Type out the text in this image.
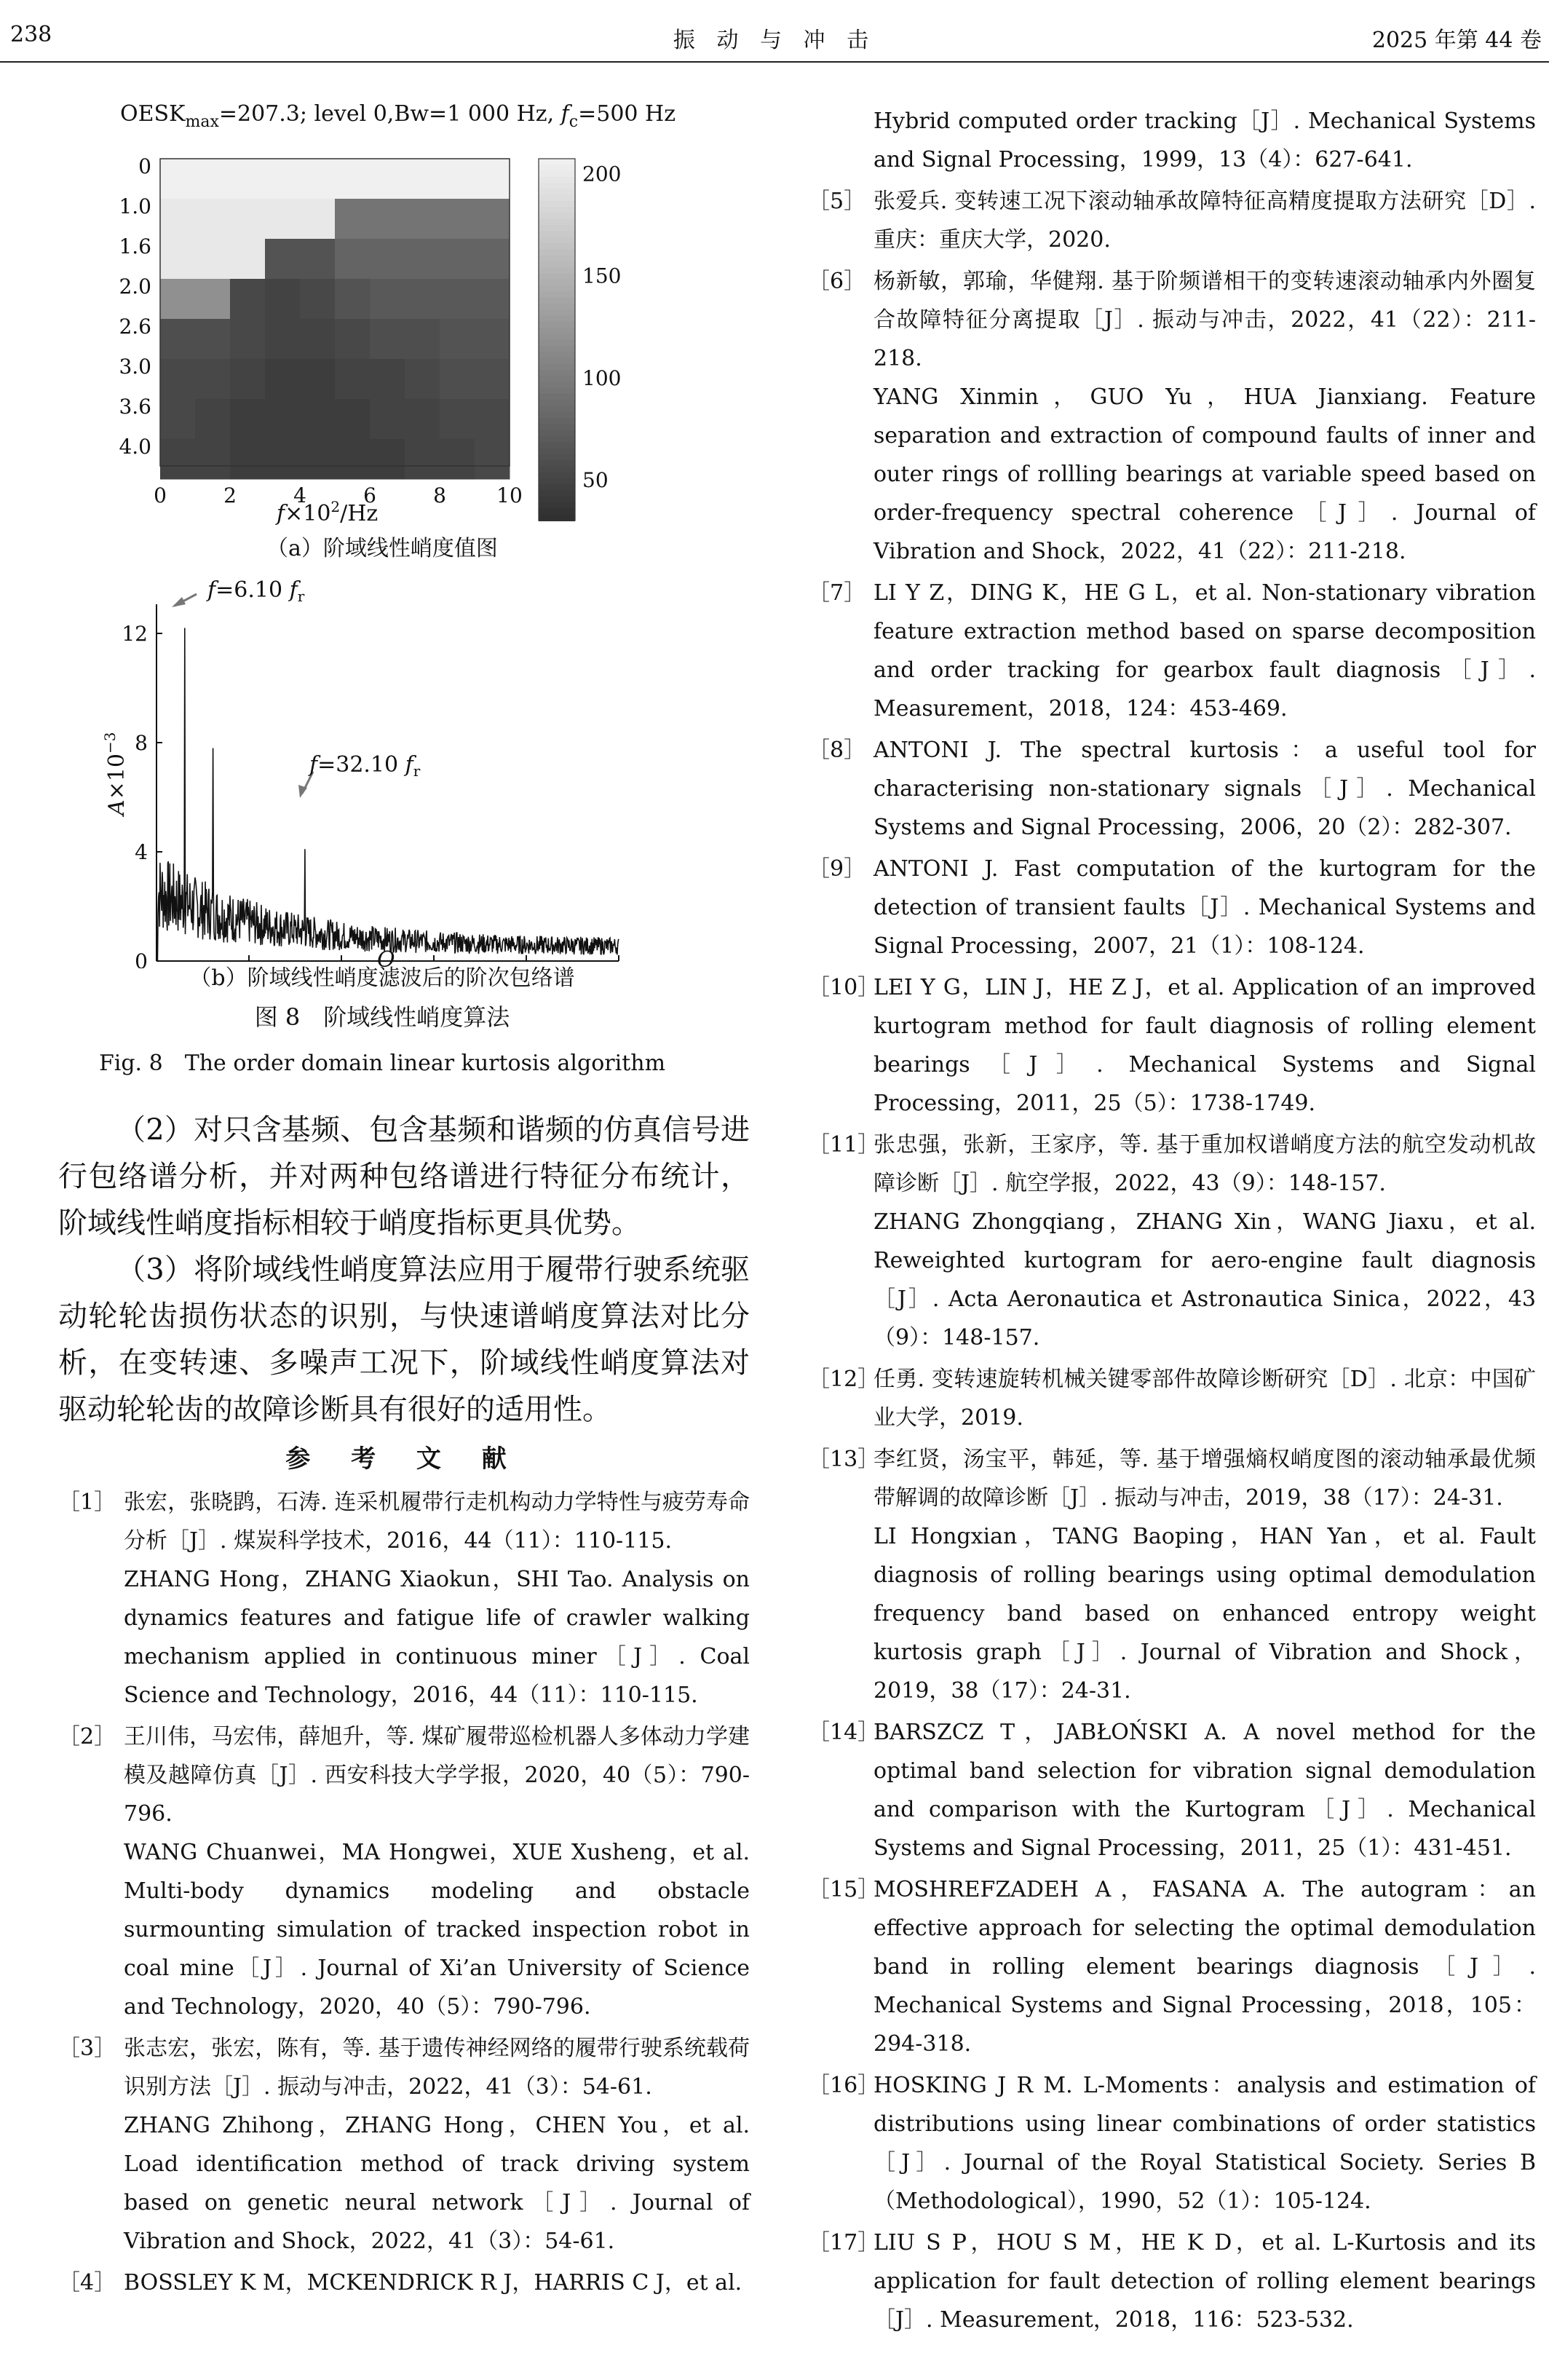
238	振 动 与 冲 击	2025 年第 44 卷
$OESK_{max}=207.3$; level 0,Bw=1 000 Hz, $f_c=500$ Hz
0
1.0
1.6
2.0
2.6
3.0
3.6
4.0
0	2	4	6	8 10
200
150
100
50
$f\times 10^2/Hz$
（a）阶域线性峭度值图
0
4
8
12
$A\times 10^{-3}$
O
f=6.10 $f_r$
f=32.10 $f_r$
（b）阶域线性峭度滤波后的阶次包络谱
图 8　阶域线性峭度算法
Fig. 8　The order domain linear kurtosis algorithm

（2）对只含基频、包含基频和谐频的仿真信号进行包络谱分析，并对两种包络谱进行特征分布统计，阶域线性峭度指标相较于峭度指标更具优势。

（3）将阶域线性峭度算法应用于履带行驶系统驱动轮轮齿损伤状态的识别，与快速谱峭度算法对比分析，在变转速、多噪声工况下，阶域线性峭度算法对驱动轮轮齿的故障诊断具有很好的适用性。

参 考 文 献
［1］ 张宏，张晓鹍，石涛. 连采机履带行走机构动力学特性与疲劳寿命分析［J］. 煤炭科学技术，2016，44（11）：110-115.
ZHANG Hong，ZHANG Xiaokun，SHI Tao. Analysis on dynamics features and fatigue life of crawler walking mechanism applied in continuous miner［J］. Coal Science and Technology，2016，44（11）：110-115.
［2］ 王川伟，马宏伟，薛旭升，等. 煤矿履带巡检机器人多体动力学建模及越障仿真［J］. 西安科技大学学报，2020，40（5）：790-796.
WANG Chuanwei，MA Hongwei，XUE Xusheng，et al. Multi-body dynamics modeling and obstacle surmounting simulation of tracked inspection robot in coal mine［J］. Journal of Xi’an University of Science and Technology，2020，40（5）：790-796.
［3］ 张志宏，张宏，陈有，等. 基于遗传神经网络的履带行驶系统载荷识别方法［J］. 振动与冲击，2022，41（3）：54-61.
ZHANG Zhihong，ZHANG Hong，CHEN You，et al. Load identification method of track driving system based on genetic neural network［J］. Journal of Vibration and Shock，2022，41（3）：54-61.
［4］ BOSSLEY K M，MCKENDRICK R J，HARRIS C J，et al.
Hybrid computed order tracking［J］. Mechanical Systems and Signal Processing，1999，13（4）：627-641.
［5］ 张爱兵. 变转速工况下滚动轴承故障特征高精度提取方法研究［D］. 重庆：重庆大学，2020.
［6］ 杨新敏，郭瑜，华健翔. 基于阶频谱相干的变转速滚动轴承内外圈复合故障特征分离提取［J］. 振动与冲击，2022，41（22）：211-218.
YANG Xinmin，GUO Yu，HUA Jianxiang. Feature separation and extraction of compound faults of inner and outer rings of rollling bearings at variable speed based on order-frequency spectral coherence［J］. Journal of Vibration and Shock，2022，41（22）：211-218.
［7］ LI Y Z，DING K，HE G L，et al. Non-stationary vibration feature extraction method based on sparse decomposition and order tracking for gearbox fault diagnosis［J］. Measurement，2018，124：453-469.
［8］ ANTONI J. The spectral kurtosis：a useful tool for characterising non-stationary signals［J］. Mechanical Systems and Signal Processing，2006，20（2）：282-307.
［9］ ANTONI J. Fast computation of the kurtogram for the detection of transient faults［J］. Mechanical Systems and Signal Processing，2007，21（1）：108-124.
［10］
LEI Y G，LIN J，HE Z J，et al. Application of an improved kurtogram method for fault diagnosis of rolling element bearings［J］. Mechanical Systems and Signal Processing，2011，25（5）：1738-1749.
［11］
张忠强，张新，王家序，等. 基于重加权谱峭度方法的航空发动机故障诊断［J］. 航空学报，2022，43（9）：148-157.
ZHANG Zhongqiang，ZHANG Xin，WANG Jiaxu，et al. Reweighted kurtogram for aero-engine fault diagnosis［J］. Acta Aeronautica et Astronautica Sinica，2022，43（9）：148-157.
［12］
任勇. 变转速旋转机械关键零部件故障诊断研究［D］. 北京：中国矿业大学，2019.
［13］
李红贤，汤宝平，韩延，等. 基于增强熵权峭度图的滚动轴承最优频带解调的故障诊断［J］. 振动与冲击，2019，38（17）：24-31.
LI Hongxian，TANG Baoping，HAN Yan，et al. Fault diagnosis of rolling bearings using optimal demodulation frequency band based on enhanced entropy weight kurtosis graph［J］. Journal of Vibration and Shock，2019，38（17）：24-31.
［14］
BARSZCZ T，JABŁOŃSKI A. A novel method for the optimal band selection for vibration signal demodulation and comparison with the Kurtogram［J］. Mechanical Systems and Signal Processing，2011，25（1）：431-451.
［15］
MOSHREFZADEH A，FASANA A. The autogram：an effective approach for selecting the optimal demodulation band in rolling element bearings diagnosis［J］. Mechanical Systems and Signal Processing，2018，105：294-318.
［16］
HOSKING J R M. L-Moments：analysis and estimation of distributions using linear combinations of order statistics［J］. Journal of the Royal Statistical Society. Series B（Methodological），1990，52（1）：105-124.
［17］
LIU S P，HOU S M，HE K D，et al. L-Kurtosis and its application for fault detection of rolling element bearings［J］. Measurement，2018，116：523-532.
